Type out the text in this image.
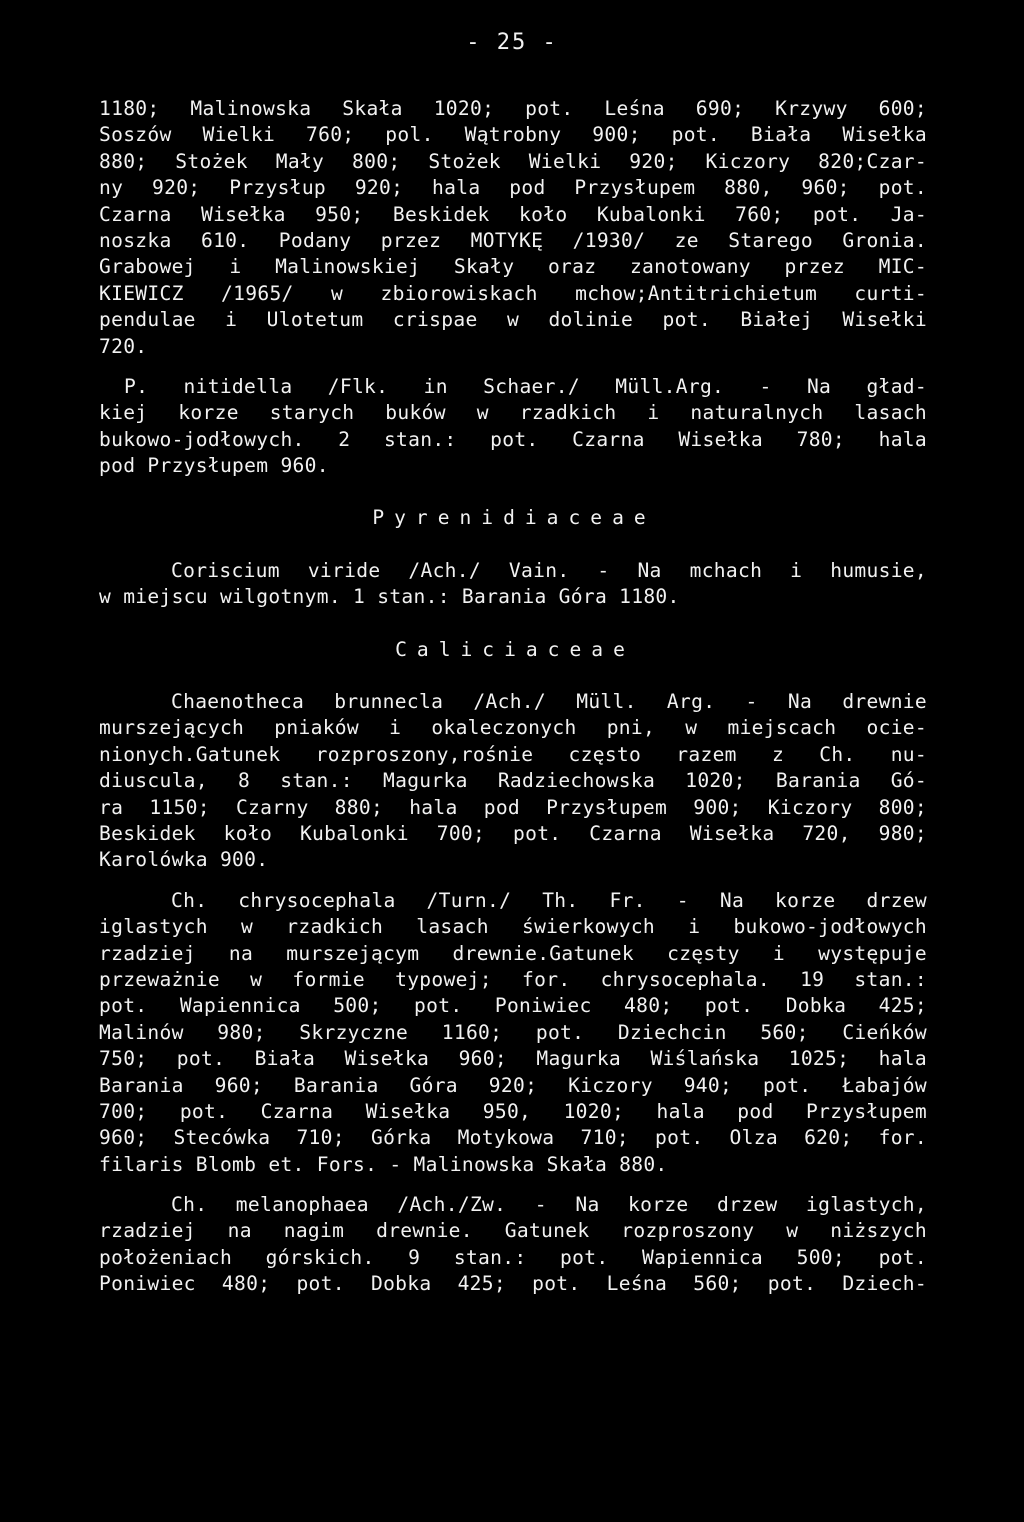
- 25 -
1180; Malinowska Skała 1020; pot. Leśna 690; Krzywy 600;
Soszów Wielki 760; pol. Wątrobny 900; pot. Biała Wisełka
880; Stożek Mały 800; Stożek Wielki 920; Kiczory 820;Czar-
ny 920; Przysłup 920; hala pod Przysłupem 880, 960; pot.
Czarna Wisełka 950; Beskidek koło Kubalonki 760; pot. Ja-
noszka 610. Podany przez MOTYKĘ /1930/ ze Starego Gronia.
Grabowej i Malinowskiej Skały oraz zanotowany przez MIC-
KIEWICZ /1965/ w zbiorowiskach mchow;Antitrichietum curti-
pendulae i Ulotetum crispae w dolinie pot. Białej Wisełki
720.
P. nitidella /Flk. in Schaer./ Müll.Arg. - Na gład-
kiej korze starych buków w rzadkich i naturalnych lasach
bukowo-jodłowych. 2 stan.: pot. Czarna Wisełka 780; hala
pod Przysłupem 960.
Pyrenidiaceae
Coriscium viride /Ach./ Vain. - Na mchach i humusie,
w miejscu wilgotnym. 1 stan.: Barania Góra 1180.
Caliciaceae
Chaenotheca brunnecla /Ach./ Müll. Arg. - Na drewnie
murszejących pniaków i okaleczonych pni, w miejscach ocie-
nionych.Gatunek rozproszony,rośnie często razem z Ch. nu-
diuscula, 8 stan.: Magurka Radziechowska 1020; Barania Gó-
ra 1150; Czarny 880; hala pod Przysłupem 900; Kiczory 800;
Beskidek koło Kubalonki 700; pot. Czarna Wisełka 720, 980;
Karolówka 900.
Ch. chrysocephala /Turn./ Th. Fr. - Na korze drzew
iglastych w rzadkich lasach świerkowych i bukowo-jodłowych
rzadziej na murszejącym drewnie.Gatunek częsty i występuje
przeważnie w formie typowej; for. chrysocephala. 19 stan.:
pot. Wapiennica 500; pot. Poniwiec 480; pot. Dobka 425;
Malinów 980; Skrzyczne 1160; pot. Dziechcin 560; Cieńków
750; pot. Biała Wisełka 960; Magurka Wiślańska 1025; hala
Barania 960; Barania Góra 920; Kiczory 940; pot. Łabajów
700; pot. Czarna Wisełka 950, 1020; hala pod Przysłupem
960; Stecówka 710; Górka Motykowa 710; pot. Olza 620; for.
filaris Blomb et. Fors. - Malinowska Skała 880.
Ch. melanophaea /Ach./Zw. - Na korze drzew iglastych,
rzadziej na nagim drewnie. Gatunek rozproszony w niższych
położeniach górskich. 9 stan.: pot. Wapiennica 500; pot.
Poniwiec 480; pot. Dobka 425; pot. Leśna 560; pot. Dziech-
